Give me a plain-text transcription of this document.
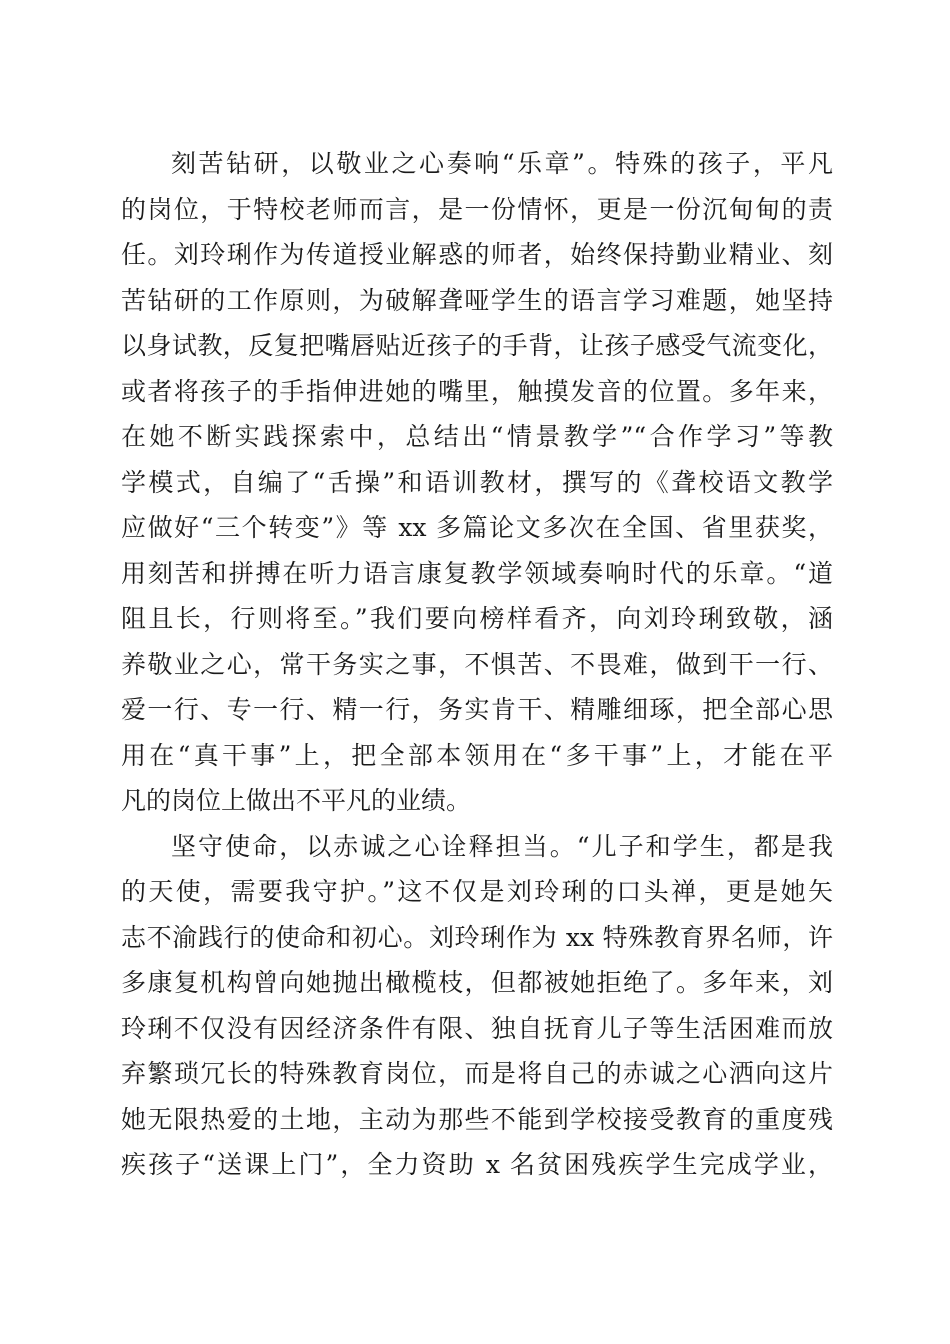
刻苦钻研，以敬业之心奏响“乐章”。特殊的孩子，平凡
的岗位，于特校老师而言，是一份情怀，更是一份沉甸甸的责
任。刘玲琍作为传道授业解惑的师者，始终保持勤业精业、刻
苦钻研的工作原则，为破解聋哑学生的语言学习难题，她坚持
以身试教，反复把嘴唇贴近孩子的手背，让孩子感受气流变化，
或者将孩子的手指伸进她的嘴里，触摸发音的位置。多年来，
在她不断实践探索中，总结出“情景教学”“合作学习”等教
学模式，自编了“舌操”和语训教材，撰写的《聋校语文教学
应做好“三个转变”》等 xx 多篇论文多次在全国、省里获奖，
用刻苦和拼搏在听力语言康复教学领域奏响时代的乐章。“道
阻且长，行则将至。”我们要向榜样看齐，向刘玲琍致敬，涵
养敬业之心，常干务实之事，不惧苦、不畏难，做到干一行、
爱一行、专一行、精一行，务实肯干、精雕细琢，把全部心思
用在“真干事”上，把全部本领用在“多干事”上，才能在平
凡的岗位上做出不平凡的业绩。
坚守使命，以赤诚之心诠释担当。“儿子和学生，都是我
的天使，需要我守护。”这不仅是刘玲琍的口头禅，更是她矢
志不渝践行的使命和初心。刘玲琍作为 xx 特殊教育界名师，许
多康复机构曾向她抛出橄榄枝，但都被她拒绝了。多年来，刘
玲琍不仅没有因经济条件有限、独自抚育儿子等生活困难而放
弃繁琐冗长的特殊教育岗位，而是将自己的赤诚之心洒向这片
她无限热爱的土地，主动为那些不能到学校接受教育的重度残
疾孩子“送课上门”，全力资助 x 名贫困残疾学生完成学业，
